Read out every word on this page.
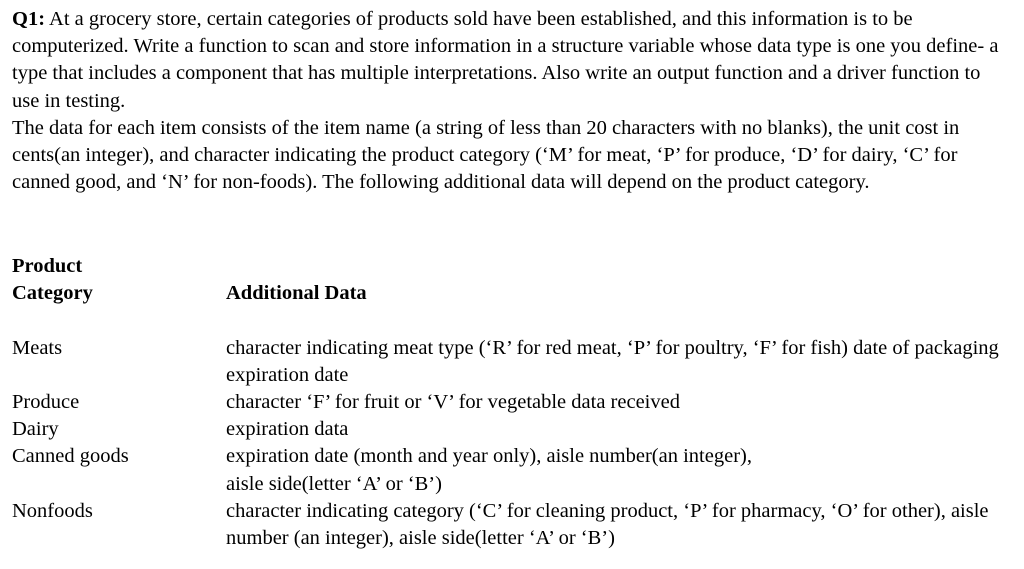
Q1: At a grocery store, certain categories of products sold have been established, and this information is to be computerized. Write a function to scan and store information in a structure variable whose data type is one you define- a type that includes a component that has multiple interpretations. Also write an output function and a driver function to use in testing.

The data for each item consists of the item name (a string of less than 20 characters with no blanks), the unit cost in cents(an integer), and character indicating the product category (‘M’ for meat, ‘P’ for produce, ‘D’ for dairy, ‘C’ for canned good, and ‘N’ for non-foods). The following additional data will depend on the product category.

Product
Category	Additional Data
Meats	character indicating meat type (‘R’ for red meat, ‘P’ for poultry, ‘F’ for fish) date of packaging expiration date
Produce	character ‘F’ for fruit or ‘V’ for vegetable data received
Dairy	expiration data
Canned goods	expiration date (month and year only), aisle number(an integer),
aisle side(letter ‘A’ or ‘B’)
Nonfoods	character indicating category (‘C’ for cleaning product, ‘P’ for pharmacy, ‘O’ for other), aisle number (an integer), aisle side(letter ‘A’ or ‘B’)
